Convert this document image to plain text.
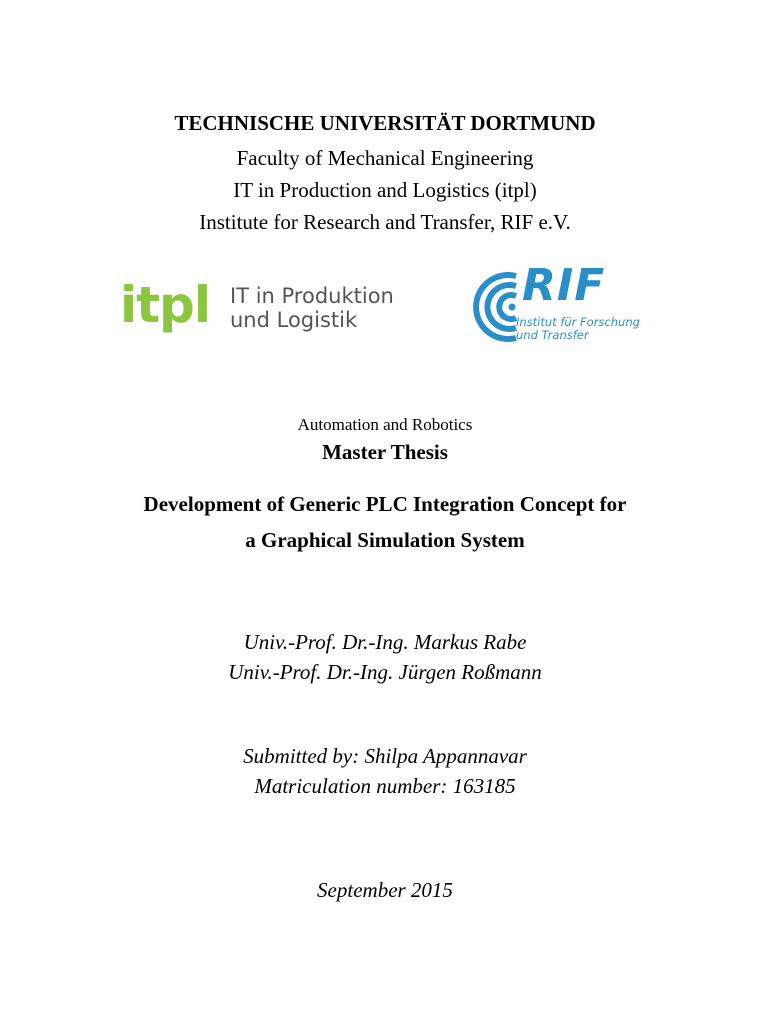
TECHNISCHE UNIVERSITÄT DORTMUND
Faculty of Mechanical Engineering
IT in Production and Logistics (itpl)
Institute for Research and Transfer, RIF e.V.
itpl IT in Produktion
und Logistik
RIF
Institut für Forschung
und Transfer
Automation and Robotics
Master Thesis
Development of Generic PLC Integration Concept for
a Graphical Simulation System
Univ.-Prof. Dr.-Ing. Markus Rabe
Univ.-Prof. Dr.-Ing. Jürgen Roßmann
Submitted by: Shilpa Appannavar
Matriculation number: 163185
September 2015
